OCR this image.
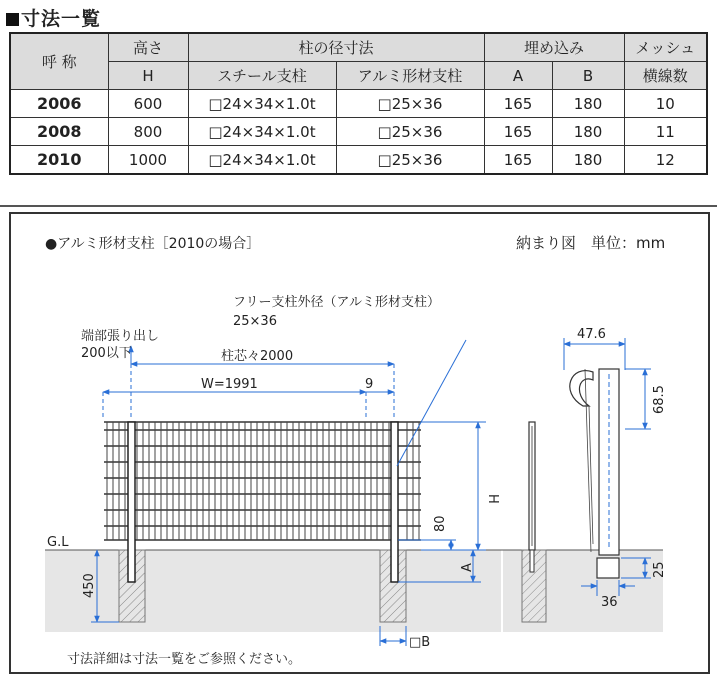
寸法一覧
呼 称	高さ	柱の径寸法		埋め込み		メッシュ
	H	スチール支柱	アルミ形材支柱	A	B	横線数
2006	600	□24×34×1.0t	□25×36	165	180	10
2008	800	□24×34×1.0t	□25×36	165	180	11
2010	1000	□24×34×1.0t	□25×36	165	180	12
●アルミ形材支柱［2010の場合］	納まり図　単位：mm
G.L
フリー支柱外径（アルミ形材支柱）
25×36
端部張り出し
200以下	柱芯々2000
W=1991	9
H
80
A
450
□B
47.6
68.5
25
36
寸法詳細は寸法一覧をご参照ください。
